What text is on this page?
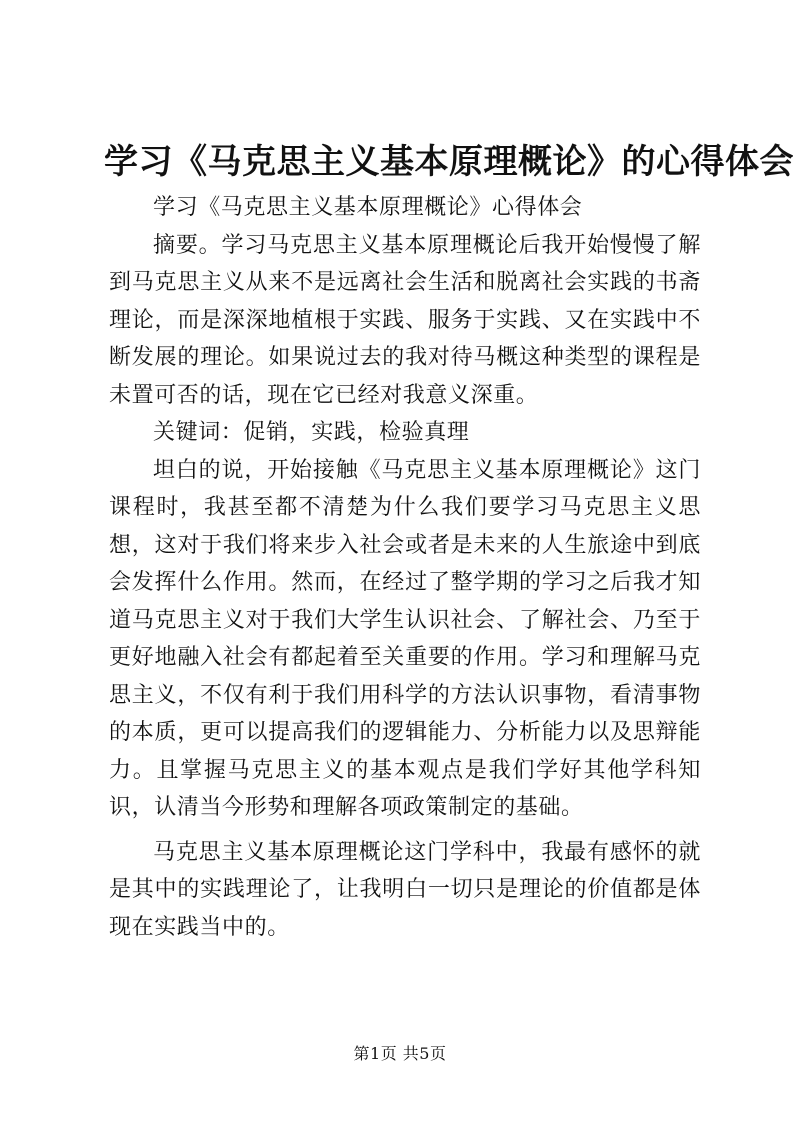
学习《马克思主义基本原理概论》的心得体会

学习《马克思主义基本原理概论》心得体会

摘要。学习马克思主义基本原理概论后我开始慢慢了解到马克思主义从来不是远离社会生活和脱离社会实践的书斋理论，而是深深地植根于实践、服务于实践、又在实践中不断发展的理论。如果说过去的我对待马概这种类型的课程是未置可否的话，现在它已经对我意义深重。

关键词：促销，实践，检验真理

坦白的说，开始接触《马克思主义基本原理概论》这门课程时，我甚至都不清楚为什么我们要学习马克思主义思想，这对于我们将来步入社会或者是未来的人生旅途中到底会发挥什么作用。然而，在经过了整学期的学习之后我才知道马克思主义对于我们大学生认识社会、了解社会、乃至于更好地融入社会有都起着至关重要的作用。学习和理解马克思主义，不仅有利于我们用科学的方法认识事物，看清事物的本质，更可以提高我们的逻辑能力、分析能力以及思辩能力。且掌握马克思主义的基本观点是我们学好其他学科知识，认清当今形势和理解各项政策制定的基础。

马克思主义基本原理概论这门学科中，我最有感怀的就是其中的实践理论了，让我明白一切只是理论的价值都是体现在实践当中的。

第1页 共5页
